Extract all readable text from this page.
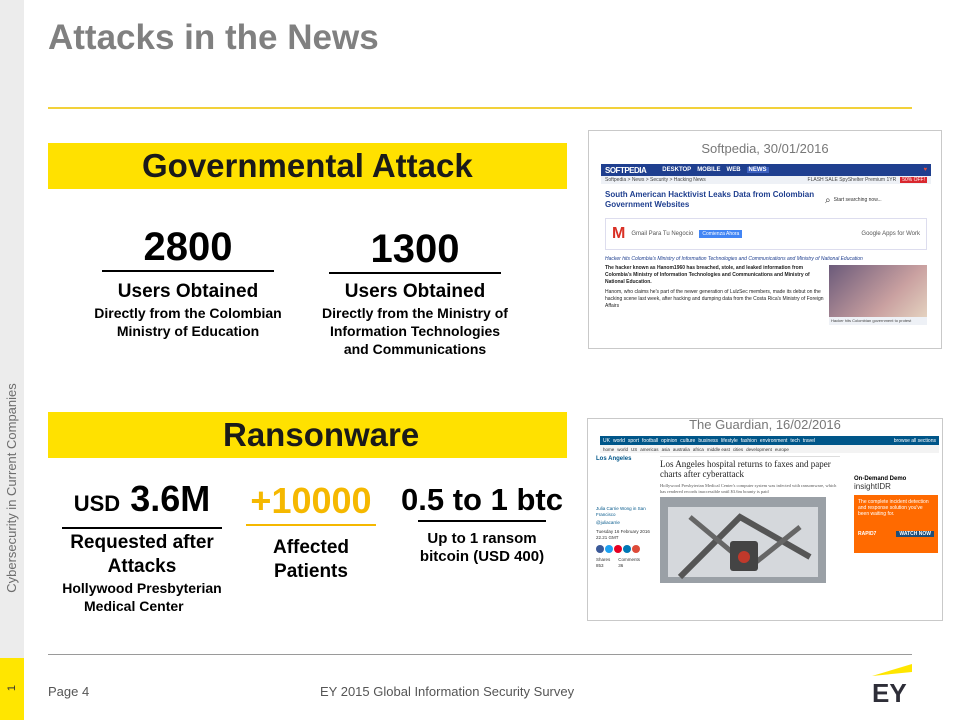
Cybersecurity in Current Companies
1
Attacks in the News
Governmental Attack
2800
Users Obtained
Directly from the Colombian
Ministry of Education
1300
Users Obtained
Directly from the Ministry of
Information Technologies
and Communications
Ransonware
USD 3.6M
Requested after
Attacks
Hollywood Presbyterian
Medical Center
+10000
Affected
Patients
0.5 to 1 btc
Up to 1 ransom
bitcoin (USD 400)
Softpedia, 30/01/2016
SOFTPEDIA	DESKTOP MOBILE WEB	NEWS	♥
Softpedia > News > Security > Hacking News	FLASH SALE SpyShelter Premium 1YR	50% OFF!
South American Hacktivist Leaks Data from Colombian Government Websites	⌕ Start searching now...
M Gmail Para Tu Negocio	Comienza Ahora	Google Apps for Work
Hacker hits Colombia's Ministry of Information Technologies and Communications and Ministry of National Education
The hacker known as Hanom1960 has breached, stole, and leaked information from Colombia's Ministry of Information Technologies and Communications and Ministry of National Education.
Hanom, who claims he's part of the newer generation of LulzSec members, made its debut on the hacking scene last week, after hacking and dumping data from the Costa Rica's Ministry of Foreign Affairs
Hacker hits Colombian government to protest
The Guardian, 16/02/2016
UK world sport football opinion culture business lifestyle fashion environment tech travel	browse all sections
home world US americas asia australia africa middle east cities development europe
Los Angeles
Julia Carrie Wong in San Francisco
@juliacarrie
Tuesday 16 February 2016 22.21 GMT
Shares
853
Comments
36
Los Angeles hospital returns to faxes and paper charts after cyberattack
Hollywood Presbyterian Medical Center's computer system was infected with ransomware, which has rendered records inaccessible until $3.6m bounty is paid
On-Demand Demo
insightIDR
The complete incident detection and response solution you've been waiting for.
RAPID7	WATCH NOW
Page 4	EY 2015 Global Information Security Survey	EY
